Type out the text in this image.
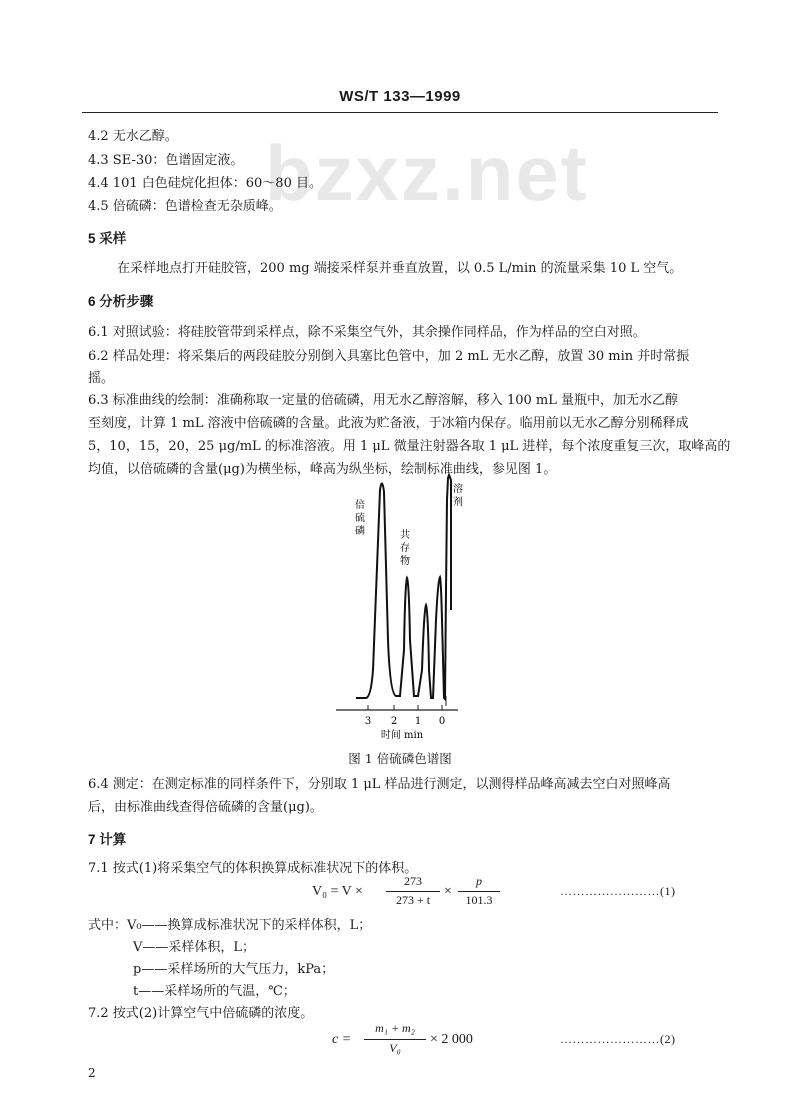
WS/T 133—1999
bzxz.net
4.2 无水乙醇。
4.3 SE-30：色谱固定液。
4.4 101 白色硅烷化担体：60～80 目。
4.5 倍硫磷：色谱检查无杂质峰。
5 采样
在采样地点打开硅胶管，200 mg 端接采样泵并垂直放置，以 0.5 L/min 的流量采集 10 L 空气。
6 分析步骤
6.1 对照试验：将硅胶管带到采样点，除不采集空气外，其余操作同样品，作为样品的空白对照。
6.2 样品处理：将采集后的两段硅胶分别倒入具塞比色管中，加 2 mL 无水乙醇，放置 30 min 并时常振
摇。
6.3 标准曲线的绘制：准确称取一定量的倍硫磷，用无水乙醇溶解，移入 100 mL 量瓶中，加无水乙醇
至刻度，计算 1 mL 溶液中倍硫磷的含量。此液为贮备液，于冰箱内保存。临用前以无水乙醇分别稀释成
5，10，15，20，25 μg/mL 的标准溶液。用 1 μL 微量注射器各取 1 μL 进样，每个浓度重复三次，取峰高的
均值，以倍硫磷的含量(μg)为横坐标，峰高为纵坐标，绘制标准曲线，参见图 1。
倍
硫
磷	共
存
物
溶
剂
3 2 1 0
时间 min
图 1 倍硫磷色谱图
6.4 测定：在测定标准的同样条件下，分别取 1 μL 样品进行测定，以测得样品峰高减去空白对照峰高
后，由标准曲线查得倍硫磷的含量(μg)。
7 计算
7.1 按式(1)将采集空气的体积换算成标准状况下的体积。
V₀ = V ×
273
273 + t
×
p
101.3
……………………(1)
式中：V₀——换算成标准状况下的采样体积，L；
V——采样体积，L；
p——采样场所的大气压力，kPa；
t——采样场所的气温，℃；
7.2 按式(2)计算空气中倍硫磷的浓度。
c =
m₁ + m₂
V₀
× 2 000	……………………(2)
2
